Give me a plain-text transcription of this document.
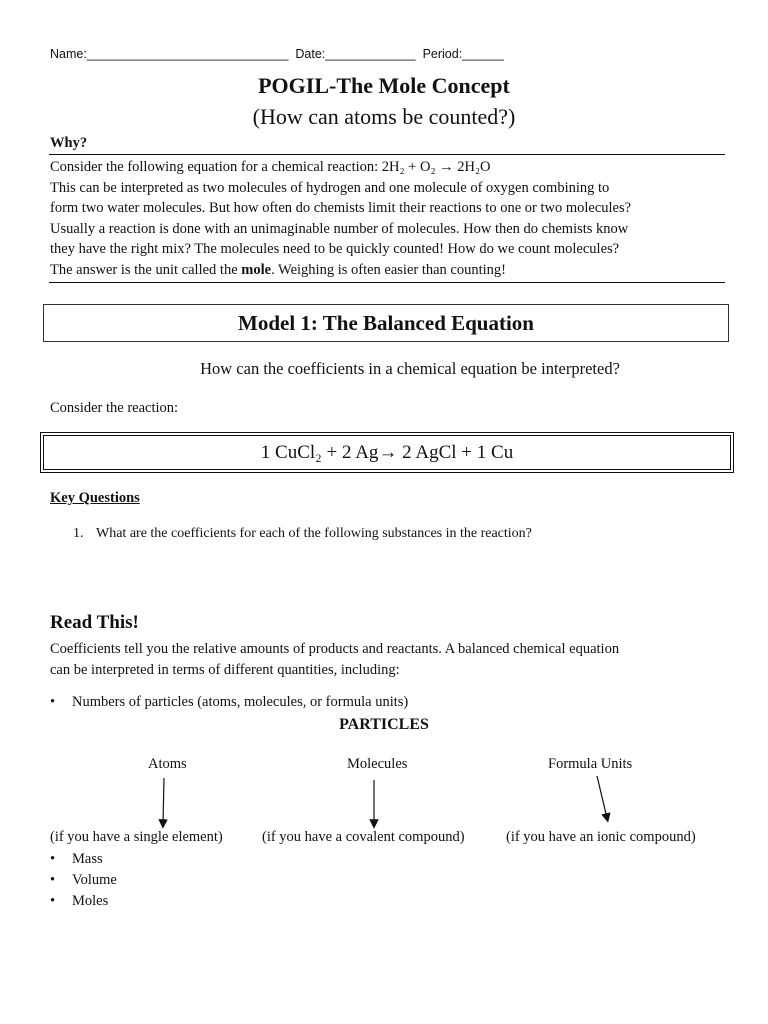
Name:_____________________________  Date:_____________  Period:______
POGIL-The Mole Concept
(How can atoms be counted?)
Why?
Consider the following equation for a chemical reaction: 2H₂ + O₂ → 2H₂O
This can be interpreted as two molecules of hydrogen and one molecule of oxygen combining to
form two water molecules. But how often do chemists limit their reactions to one or two molecules?
Usually a reaction is done with an unimaginable number of molecules. How then do chemists know
they have the right mix? The molecules need to be quickly counted! How do we count molecules?
The answer is the unit called the mole. Weighing is often easier than counting!
Model 1: The Balanced Equation
How can the coefficients in a chemical equation be interpreted?
Consider the reaction:
1 CuCl₂ + 2 Ag→ 2 AgCl + 1 Cu
Key Questions
1. What are the coefficients for each of the following substances in the reaction?
Read This!
Coefficients tell you the relative amounts of products and reactants. A balanced chemical equation
can be interpreted in terms of different quantities, including:
• Numbers of particles (atoms, molecules, or formula units)
PARTICLES
Atoms	Molecules	Formula Units
(if you have a single element)	(if you have a covalent compound)	(if you have an ionic compound)
• Mass
• Volume
• Moles
